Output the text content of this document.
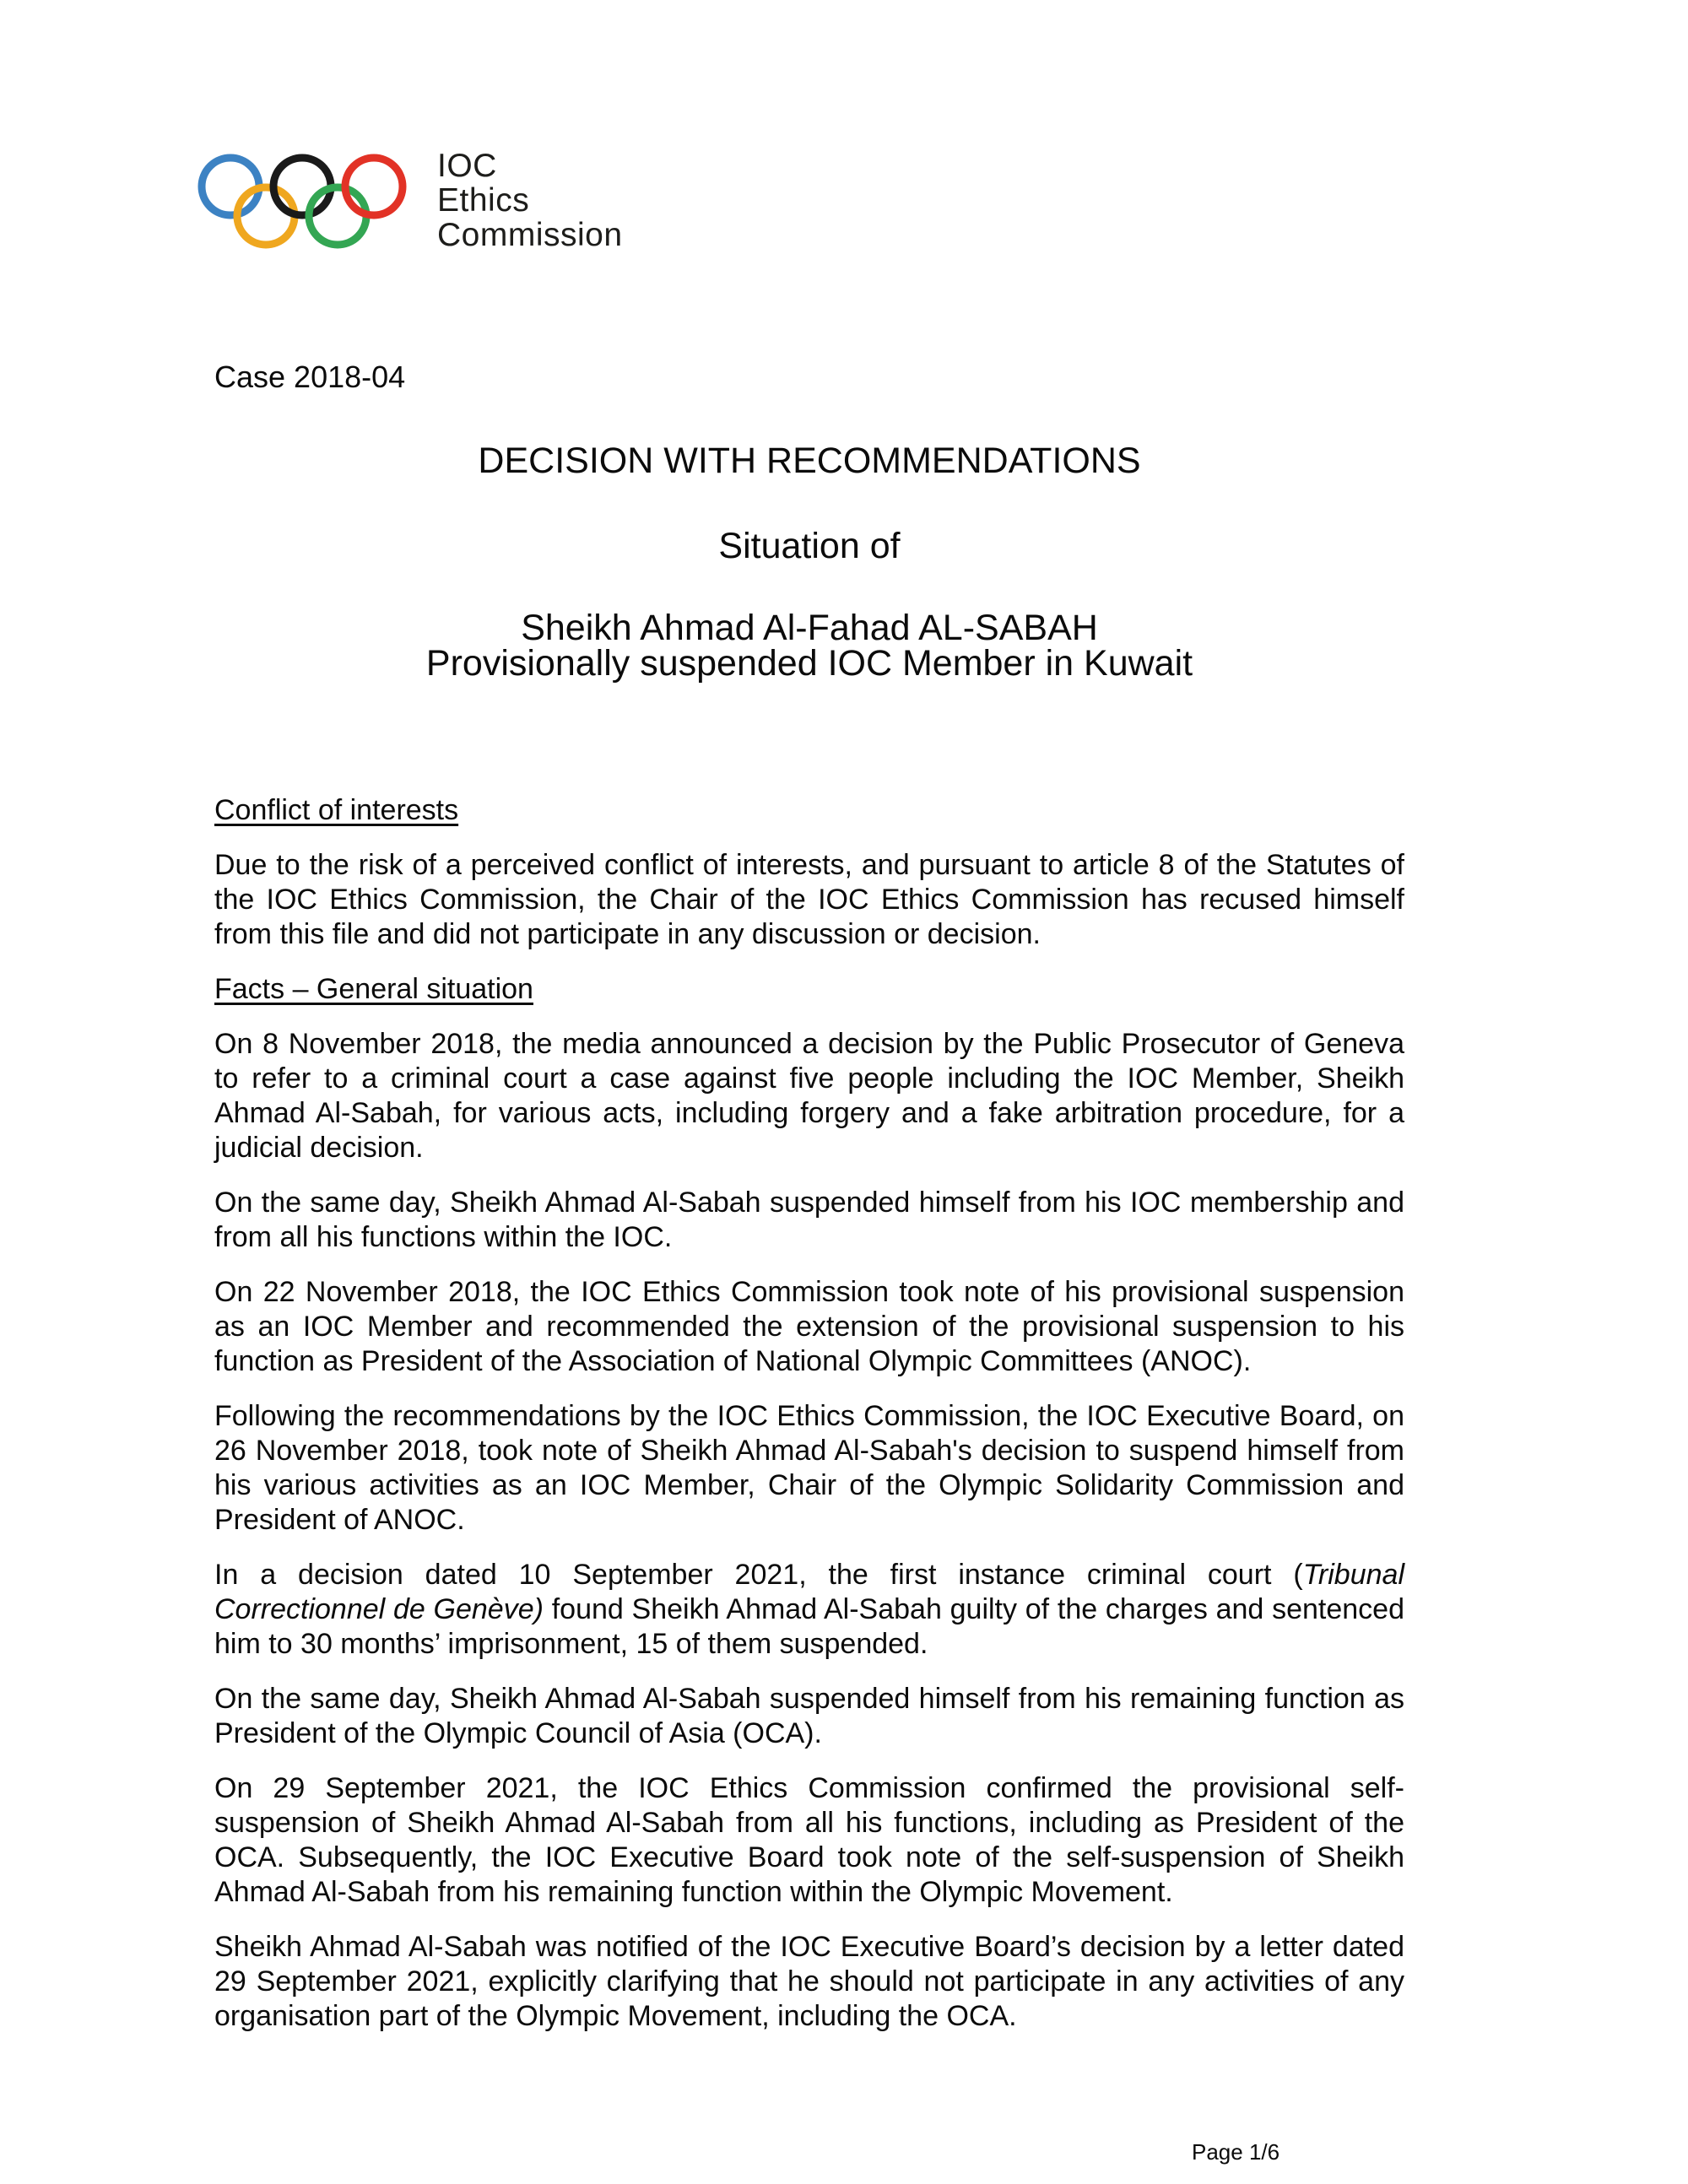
IOC
Ethics
Commission
Case 2018-04
DECISION WITH RECOMMENDATIONS
Situation of
Sheikh Ahmad Al-Fahad AL-SABAH
Provisionally suspended IOC Member in Kuwait
Conflict of interests

Due to the risk of a perceived conflict of interests, and pursuant to article 8 of the Statutes of the IOC Ethics Commission, the Chair of the IOC Ethics Commission has recused himself from this file and did not participate in any discussion or decision.

Facts – General situation

On 8 November 2018, the media announced a decision by the Public Prosecutor of Geneva to refer to a criminal court a case against five people including the IOC Member, Sheikh Ahmad Al-Sabah, for various acts, including forgery and a fake arbitration procedure, for a judicial decision.

On the same day, Sheikh Ahmad Al-Sabah suspended himself from his IOC membership and from all his functions within the IOC.

On 22 November 2018, the IOC Ethics Commission took note of his provisional suspension as an IOC Member and recommended the extension of the provisional suspension to his function as President of the Association of National Olympic Committees (ANOC).

Following the recommendations by the IOC Ethics Commission, the IOC Executive Board, on 26 November 2018, took note of Sheikh Ahmad Al-Sabah's decision to suspend himself from his various activities as an IOC Member, Chair of the Olympic Solidarity Commission and President of ANOC.

In a decision dated 10 September 2021, the first instance criminal court (Tribunal Correctionnel de Genève) found Sheikh Ahmad Al-Sabah guilty of the charges and sentenced him to 30 months’ imprisonment, 15 of them suspended.

On the same day, Sheikh Ahmad Al-Sabah suspended himself from his remaining function as President of the Olympic Council of Asia (OCA).

On 29 September 2021, the IOC Ethics Commission confirmed the provisional self-suspension of Sheikh Ahmad Al-Sabah from all his functions, including as President of the OCA. Subsequently, the IOC Executive Board took note of the self-suspension of Sheikh Ahmad Al-Sabah from his remaining function within the Olympic Movement.

Sheikh Ahmad Al-Sabah was notified of the IOC Executive Board’s decision by a letter dated 29 September 2021, explicitly clarifying that he should not participate in any activities of any organisation part of the Olympic Movement, including the OCA.

Page 1/6
